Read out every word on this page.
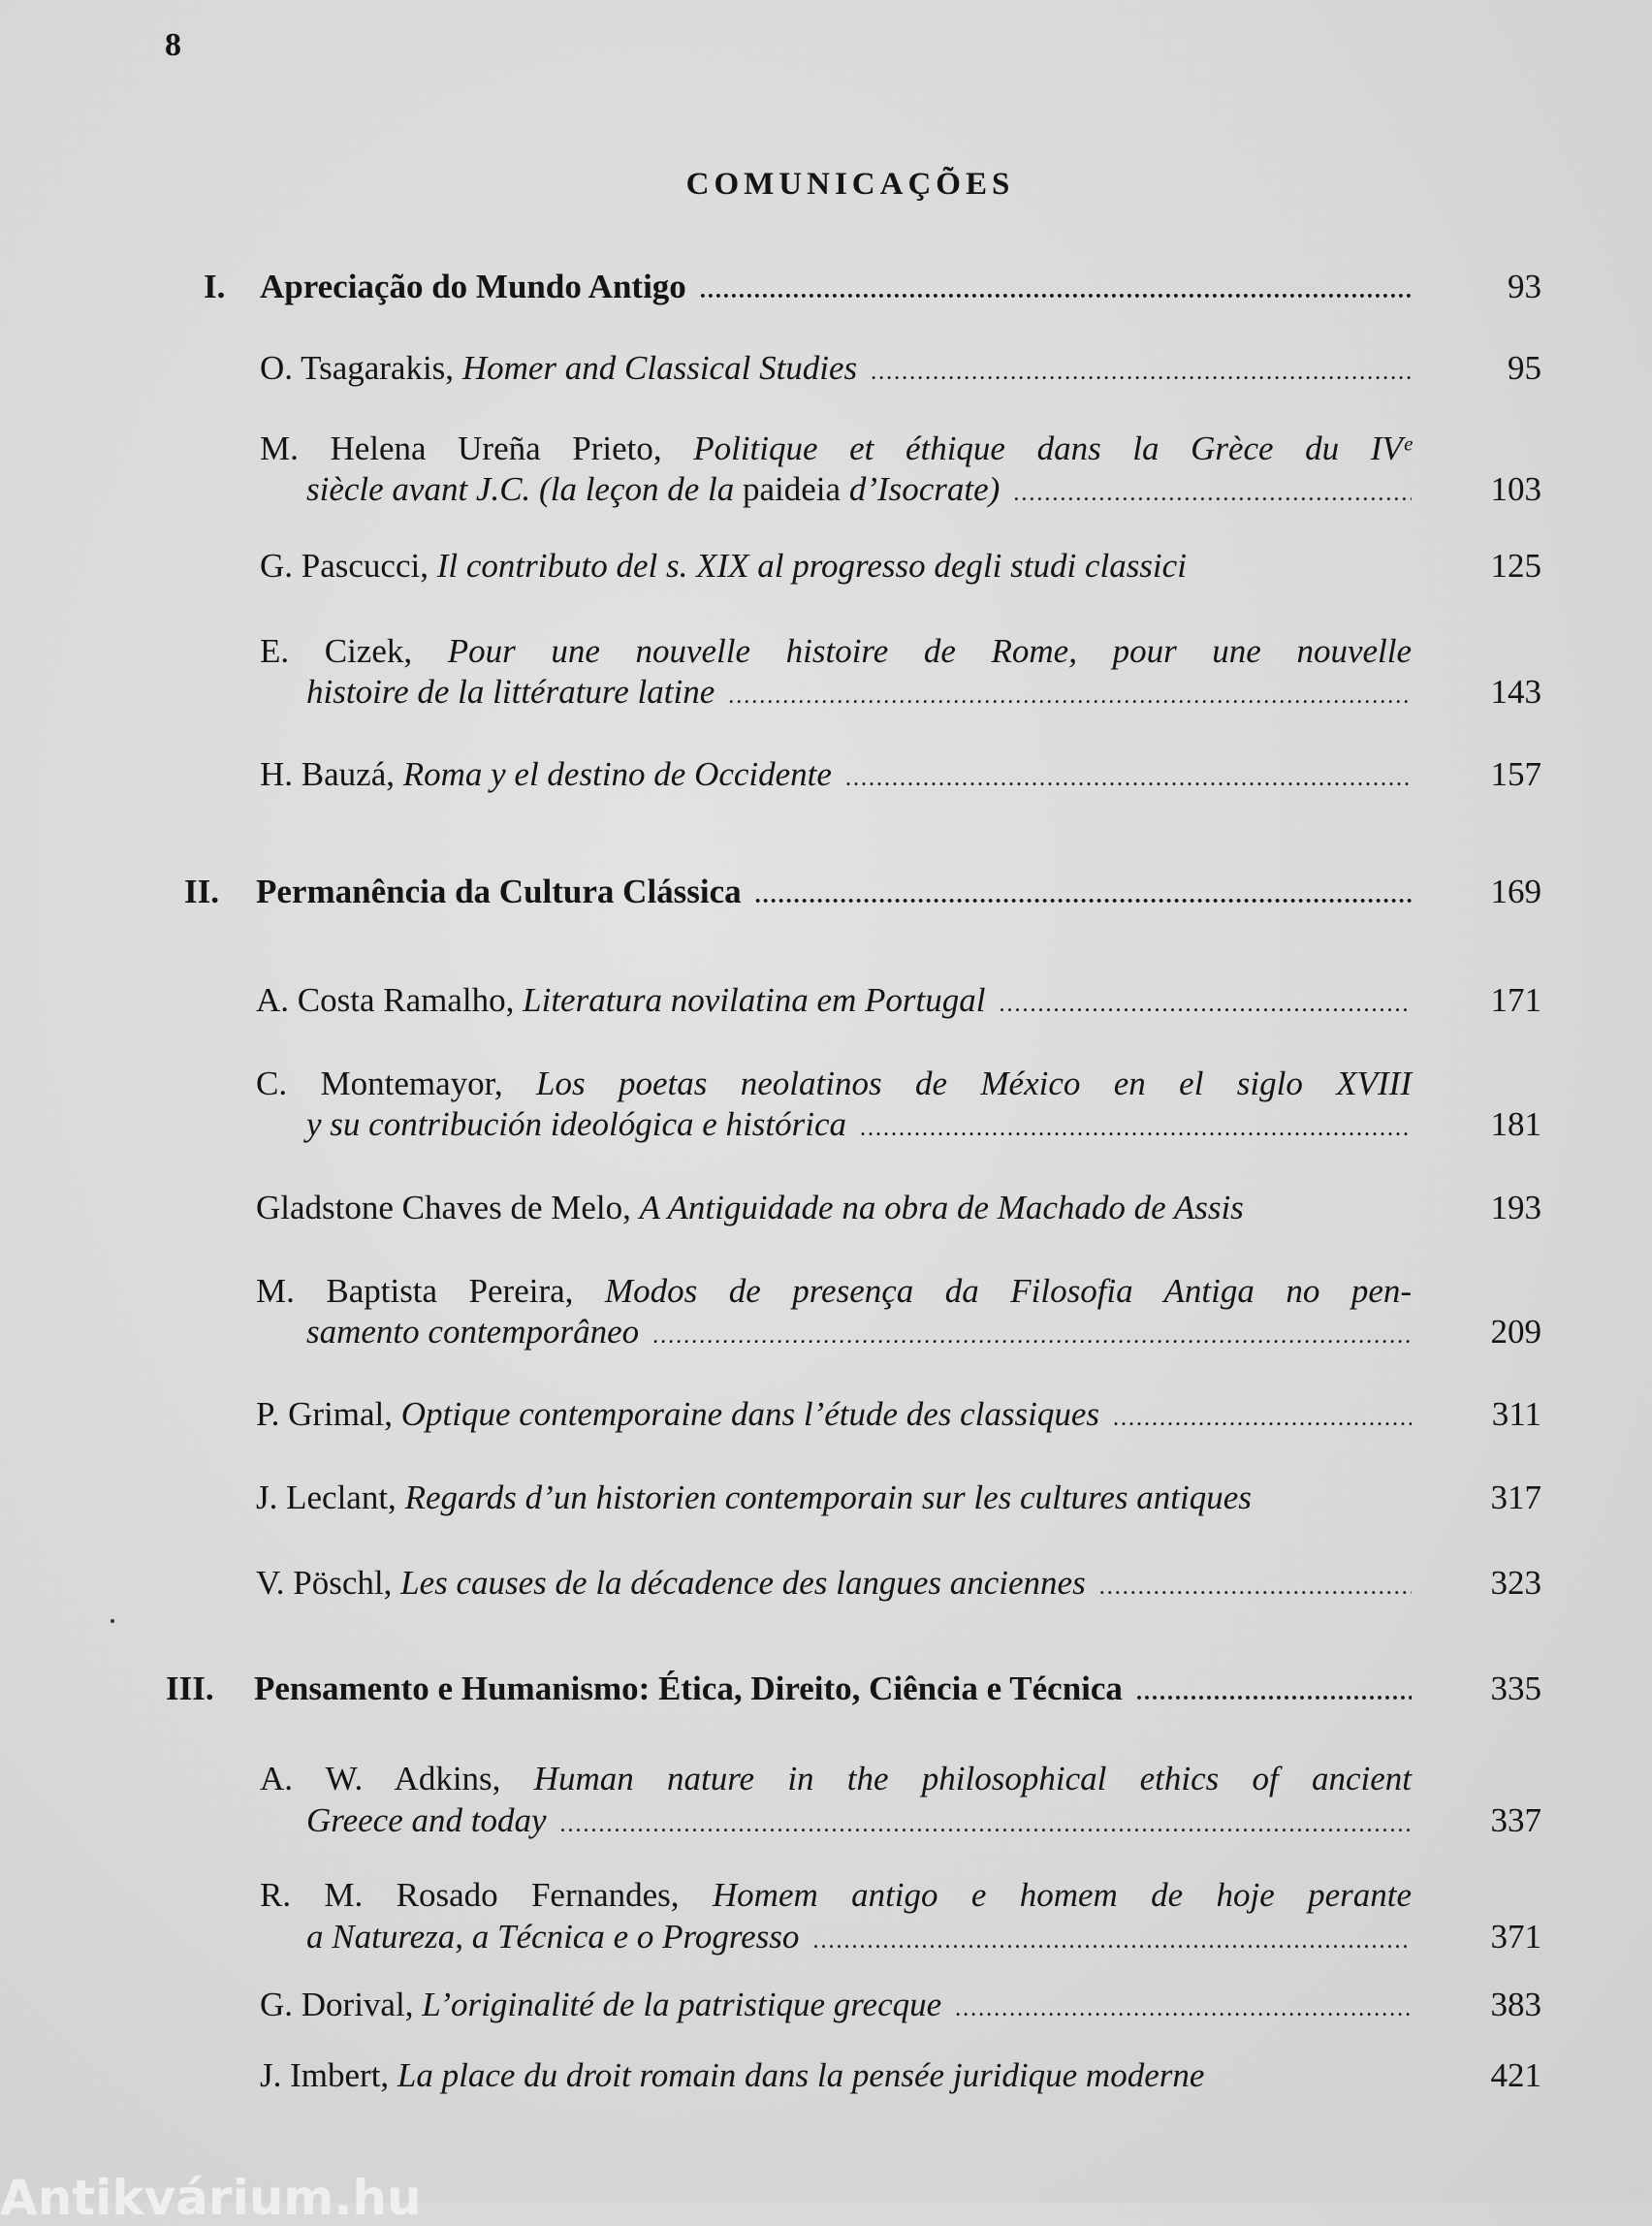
8
COMUNICAÇÕES
I. Apreciação do Mundo Antigo .....	93
O. Tsagarakis, Homer and Classical Studies .....	95
M. Helena Ureña Prieto, Politique et éthique dans la Grèce du IVᵉ
siècle avant J.C. (la leçon de la paideia d’Isocrate) .....	103
G. Pascucci, Il contributo del s. XIX al progresso degli studi classici	125
E. Cizek, Pour une nouvelle histoire de Rome, pour une nouvelle
histoire de la littérature latine .....	143
H. Bauzá, Roma y el destino de Occidente .....	157
II. Permanência da Cultura Clássica .....	169
A. Costa Ramalho, Literatura novilatina em Portugal .....	171
C. Montemayor, Los poetas neolatinos de México en el siglo XVIII
y su contribución ideológica e histórica .....	181
Gladstone Chaves de Melo, A Antiguidade na obra de Machado de Assis	193
M. Baptista Pereira, Modos de presença da Filosofia Antiga no pen-
samento contemporâneo .....	209
P. Grimal, Optique contemporaine dans l’étude des classiques .....	311
J. Leclant, Regards d’un historien contemporain sur les cultures antiques	317
V. Pöschl, Les causes de la décadence des langues anciennes .....	323
III. Pensamento e Humanismo: Ética, Direito, Ciência e Técnica .....	335
A. W. Adkins, Human nature in the philosophical ethics of ancient
Greece and today .....	337
R. M. Rosado Fernandes, Homem antigo e homem de hoje perante
a Natureza, a Técnica e o Progresso .....	371
G. Dorival, L’originalité de la patristique grecque .....	383
J. Imbert, La place du droit romain dans la pensée juridique moderne	421
Antikvárium.hu
